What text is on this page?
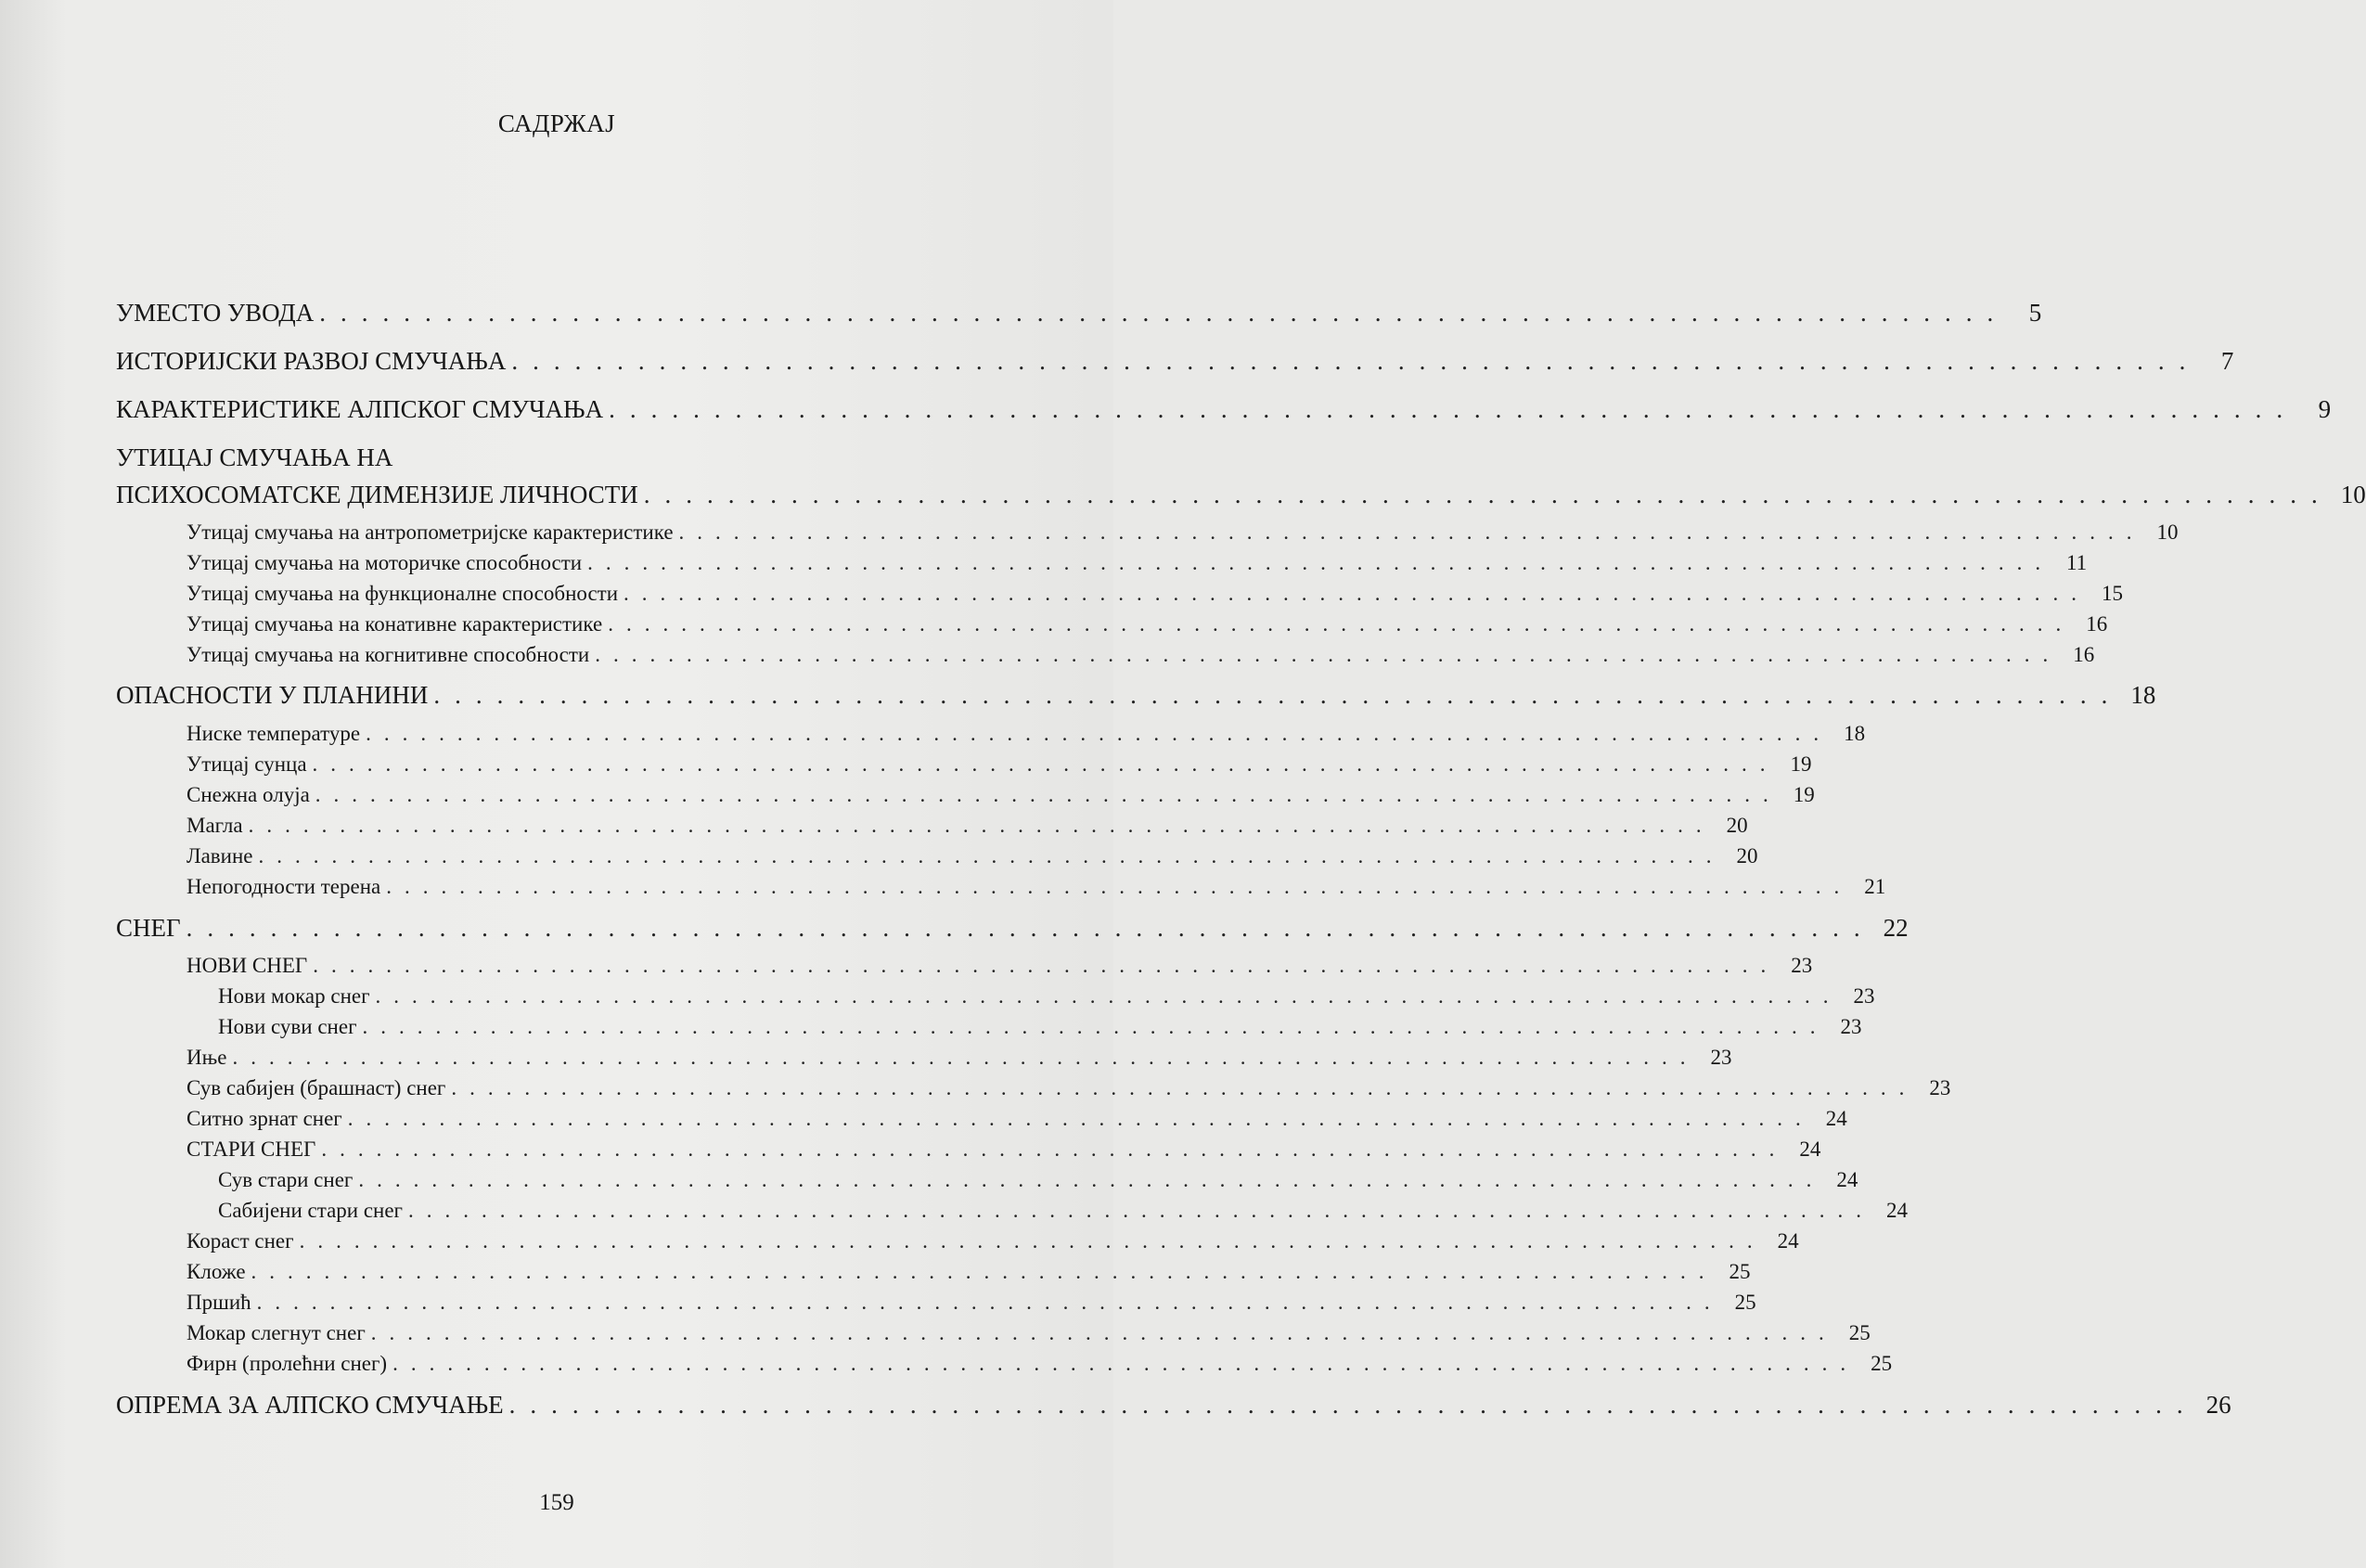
САДРЖАЈ
УМЕСТО УВОДА ................................................................................ 5
ИСТОРИЈСКИ РАЗВОЈ СМУЧАЊА ................................................................................ 7
КАРАКТЕРИСТИКЕ АЛПСКОГ СМУЧАЊА ................................................................................ 9
УТИЦАЈ СМУЧАЊА НА
ПСИХОСОМАТСКЕ ДИМЕНЗИЈЕ ЛИЧНОСТИ ................................................................................ 10
Утицај смучања на антропометријске карактеристике ................................................................................ 10
Утицај смучања на моторичке способности ................................................................................ 11
Утицај смучања на функционалне способности ................................................................................ 15
Утицај смучања на конативне карактеристике ................................................................................ 16
Утицај смучања на когнитивне способности ................................................................................ 16
ОПАСНОСТИ У ПЛАНИНИ ................................................................................ 18
Ниске температуре ................................................................................ 18
Утицај сунца ................................................................................ 19
Снежна олуја ................................................................................ 19
Магла ................................................................................ 20
Лавине ................................................................................ 20
Непогодности терена ................................................................................ 21
СНЕГ ................................................................................ 22
НОВИ СНЕГ ................................................................................ 23
Нови мокар снег ................................................................................ 23
Нови суви снег ................................................................................ 23
Ињe ................................................................................ 23
Сув сабијен (брашнаст) снег ................................................................................ 23
Ситно зрнат снег ................................................................................ 24
СТАРИ СНЕГ ................................................................................ 24
Сув стари снег ................................................................................ 24
Сабијени стари снег ................................................................................ 24
Кораст снег ................................................................................ 24
Кложе ................................................................................ 25
Пршић ................................................................................ 25
Мокар слегнут снег ................................................................................ 25
Фирн (пролећни снег) ................................................................................ 25
ОПРЕМА ЗА АЛПСКО СМУЧАЊЕ ................................................................................ 26
159
